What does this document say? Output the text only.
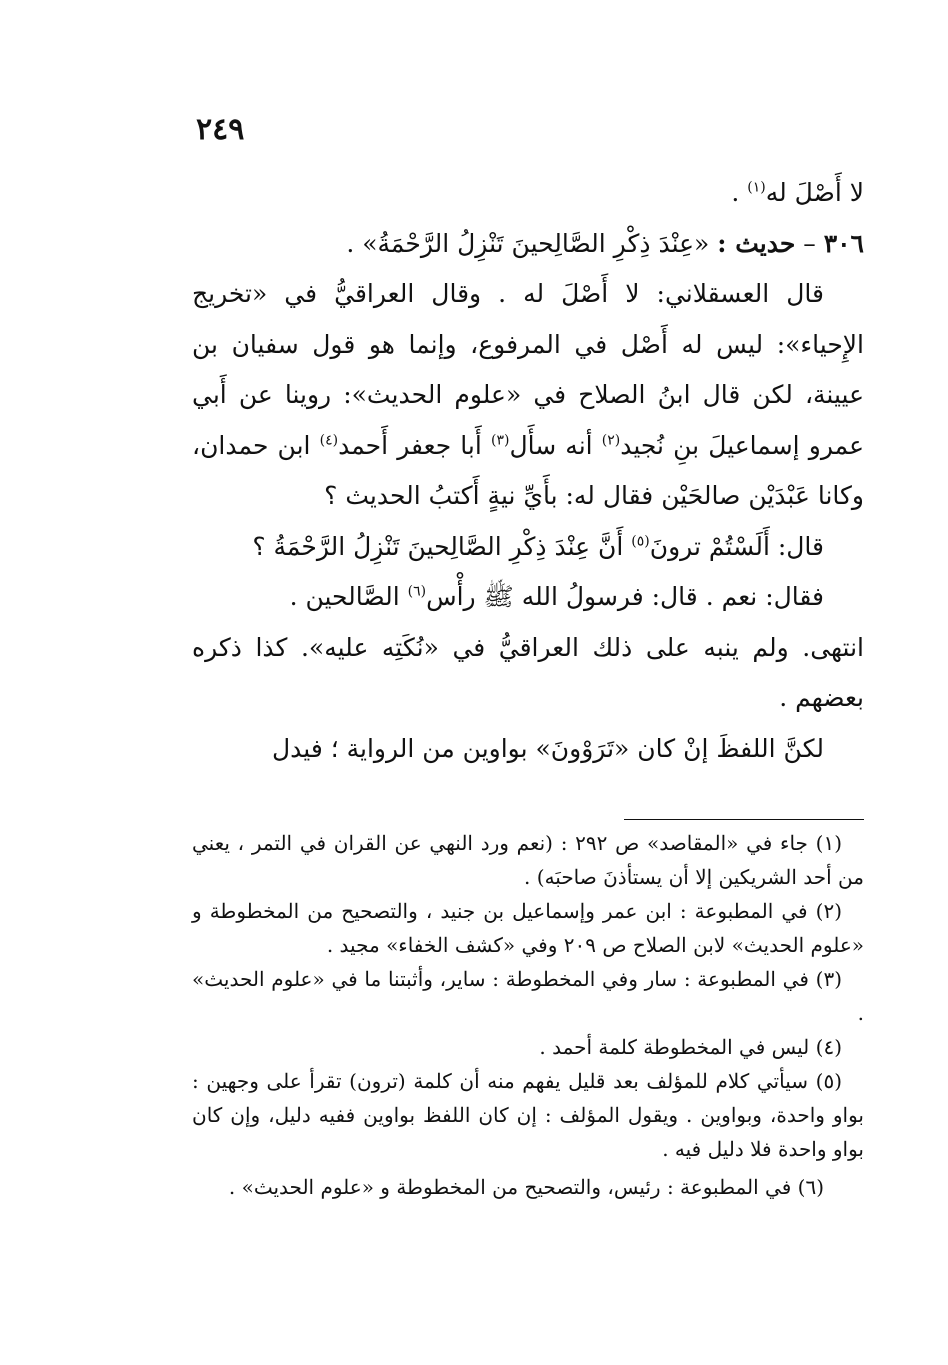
٢٤٩

لا أَصْلَ له$^{(١)}$ .

٣٠٦ – حديث : «عِنْدَ ذِكْرِ الصَّالِحينَ تَنْزِلُ الرَّحْمَةُ» .

قال العسقلاني: لا أَصْلَ له . وقال العراقيُّ في «تخريج الإِحياء»: ليس له أَصْل في المرفوع، وإنما هو قول سفيان بن عيينة، لكن قال ابنُ الصلاح في «علوم الحديث»: روينا عن أَبي عمرو إسماعيلَ بنِ نُجيد$^{(٢)}$ أنه سأَل$^{(٣)}$ أَبا جعفر أَحمد$^{(٤)}$ ابن حمدان، وكانا عَبْدَيْن صالحَيْن فقال له: بأَيِّ نيةٍ أَكتبُ الحديث ؟

قال: أَلَسْتُمْ ترونَ$^{(٥)}$ أَنَّ عِنْدَ ذِكْرِ الصَّالِحينَ تَنْزِلُ الرَّحْمَةُ ؟

فقال: نعم . قال: فرسولُ الله ﷺ رأْس$^{(٦)}$ الصَّالحين .

انتهى. ولم ينبه على ذلك العراقيُّ في «نُكَتِه عليه». كذا ذكره بعضهم .

لكنَّ اللفظَ إنْ كان «تَرَوْونَ» بواوين من الرواية ؛ فيدل

(١) جاء في «المقاصد» ص ٢٩٢ : (نعم ورد النهي عن القران في التمر ، يعني من أحد الشريكين إلا أن يستأذنَ صاحبَه) .

(٢) في المطبوعة : ابن عمر وإسماعيل بن جنيد ، والتصحيح من المخطوطة و «علوم الحديث» لابن الصلاح ص ٢٠٩ وفي «كشف الخفاء» مجيد .

(٣) في المطبوعة : سار وفي المخطوطة : ساير، وأثبتنا ما في «علوم الحديث» .

(٤) ليس في المخطوطة كلمة أحمد .

(٥) سيأتي كلام للمؤلف بعد قليل يفهم منه أن كلمة (ترون) تقرأ على وجهين : بواو واحدة، وبواوين . ويقول المؤلف : إن كان اللفظ بواوين ففيه دليل، وإن كان بواو واحدة فلا دليل فيه .

(٦) في المطبوعة : رئيس، والتصحيح من المخطوطة و «علوم الحديث» .
